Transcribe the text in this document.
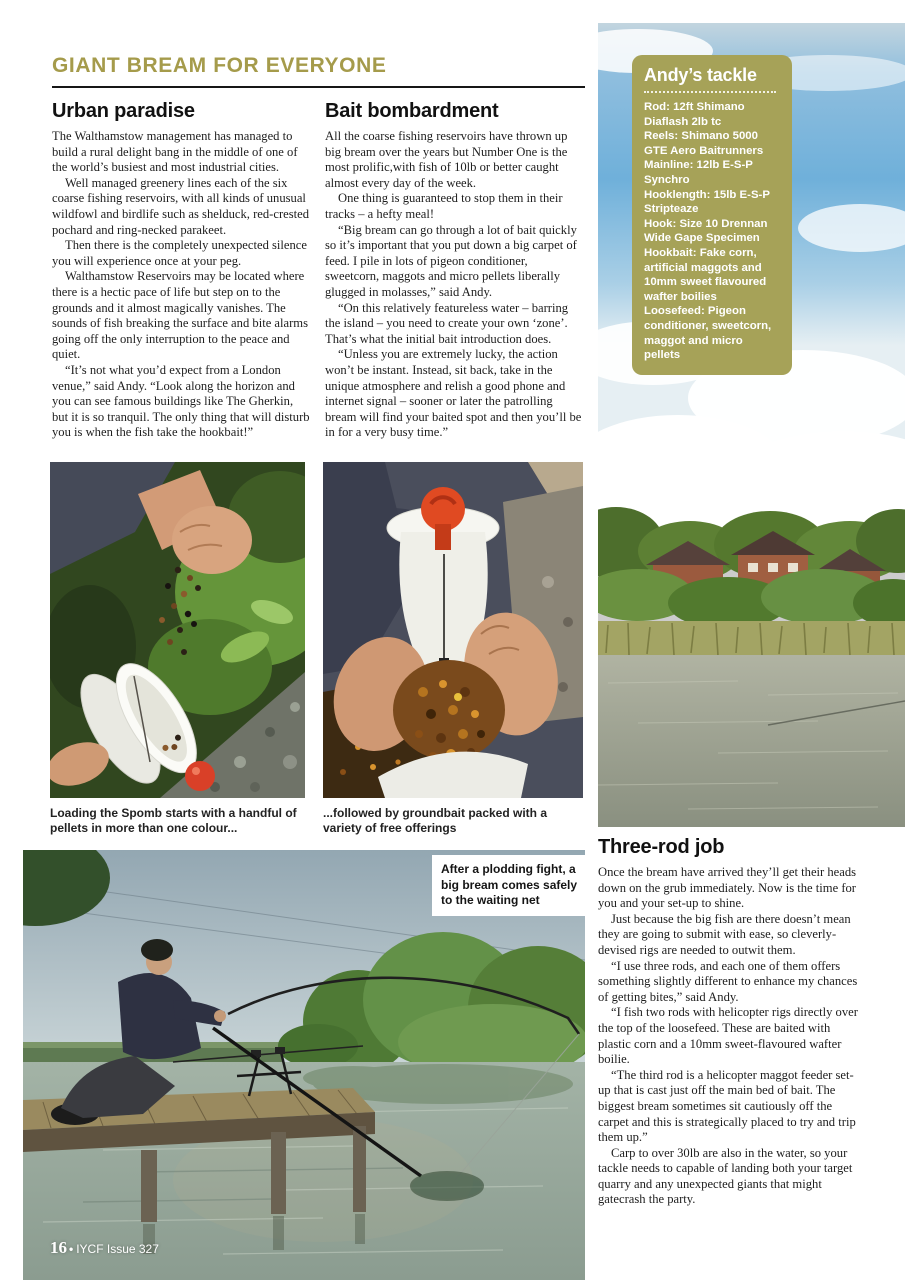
GIANT BREAM FOR EVERYONE
Urban paradise

The Walthamstow management has managed to build a rural delight bang in the middle of one of the world’s busiest and most industrial cities.

Well managed greenery lines each of the six coarse fishing reservoirs, with all kinds of unusual wildfowl and birdlife such as shelduck, red-crested pochard and ring-necked parakeet.

Then there is the completely unexpected silence you will experience once at your peg.

Walthamstow Reservoirs may be located where there is a hectic pace of life but step on to the grounds and it almost magically vanishes. The sounds of fish breaking the surface and bite alarms going off the only interruption to the peace and quiet.

“It’s not what you’d expect from a London venue,” said Andy. “Look along the horizon and you can see famous buildings like The Gherkin, but it is so tranquil. The only thing that will disturb you is when the fish take the hookbait!”

Bait bombardment

All the coarse fishing reservoirs have thrown up big bream over the years but Number One is the most prolific,with fish of 10lb or better caught almost every day of the week.

One thing is guaranteed to stop them in their tracks – a hefty meal!

“Big bream can go through a lot of bait quickly so it’s important that you put down a big carpet of feed. I pile in lots of pigeon conditioner, sweetcorn, maggots and micro pellets liberally glugged in molasses,” said Andy.

“On this relatively featureless water – barring the island – you need to create your own ‘zone’. That’s what the initial bait introduction does.

“Unless you are extremely lucky, the action won’t be instant. Instead, sit back, take in the unique atmosphere and relish a good phone and internet signal – sooner or later the patrolling bream will find your baited spot and then you’ll be in for a very busy time.”

Andy’s tackle

Rod: 12ft Shimano Diaflash 2lb tc

Reels: Shimano 5000 GTE Aero Baitrunners

Mainline: 12lb E-S-P Synchro

Hooklength: 15lb E-S-P Stripteaze

Hook: Size 10 Drennan Wide Gape Specimen

Hookbait: Fake corn, artificial maggots and 10mm sweet flavoured wafter boilies

Loosefeed: Pigeon conditioner, sweetcorn, maggot and micro pellets

Loading the Spomb starts with a handful of pellets in more than one colour...
...followed by groundbait packed with a variety of free offerings
After a plodding fight, a big bream comes safely to the waiting net
16 • IYCF Issue 327
Three-rod job

Once the bream have arrived they’ll get their heads down on the grub immediately. Now is the time for you and your set-up to shine.

Just because the big fish are there doesn’t mean they are going to submit with ease, so cleverly-devised rigs are needed to outwit them.

“I use three rods, and each one of them offers something slightly different to enhance my chances of getting bites,” said Andy.

“I fish two rods with helicopter rigs directly over the top of the loosefeed. These are baited with plastic corn and a 10mm sweet-flavoured wafter boilie.

“The third rod is a helicopter maggot feeder set-up that is cast just off the main bed of bait. The biggest bream sometimes sit cautiously off the carpet and this is strategically placed to try and trip them up.”

Carp to over 30lb are also in the water, so your tackle needs to capable of landing both your target quarry and any unexpected giants that might gatecrash the party.
